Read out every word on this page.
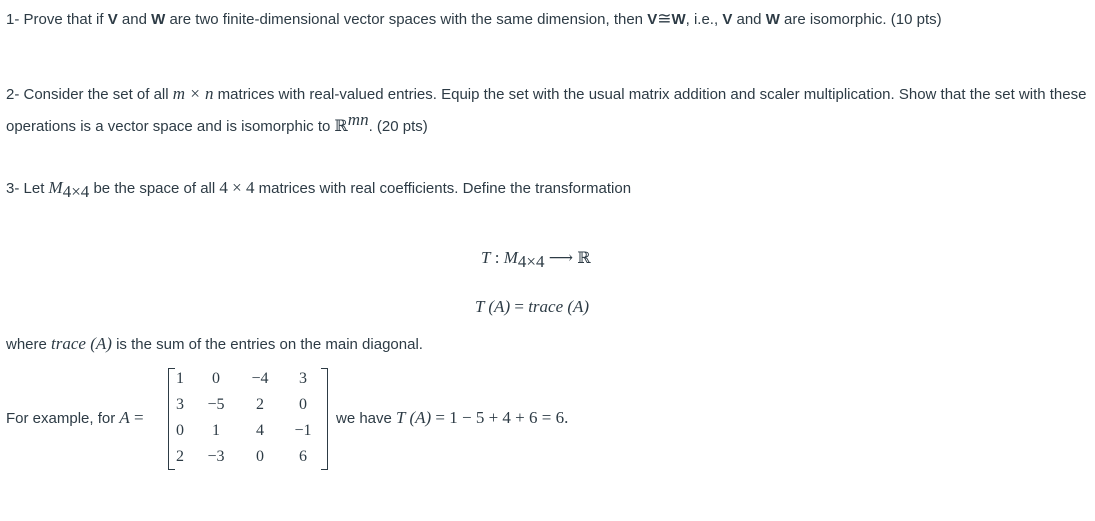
1- Prove that if V and W are two finite-dimensional vector spaces with the same dimension, then V≅W, i.e., V and W are isomorphic. (10 pts)
2- Consider the set of all m × n matrices with real-valued entries. Equip the set with the usual matrix addition and scaler multiplication. Show that the set with these operations is a vector space and is isomorphic to ℝ$^{mn}$. (20 pts)
3- Let $M_{4\times 4}$ be the space of all 4 × 4 matrices with real coefficients. Define the transformation
T : $M_{4\times 4}$ ⟶ ℝ
T (A) = trace (A)
where trace (A) is the sum of the entries on the main diagonal.
For example, for A =
1	0	−4	3
3	−5	2	0
0	1	4	−1
2	−3	0	6
we have T (A) = 1 − 5 + 4 + 6 = 6.
